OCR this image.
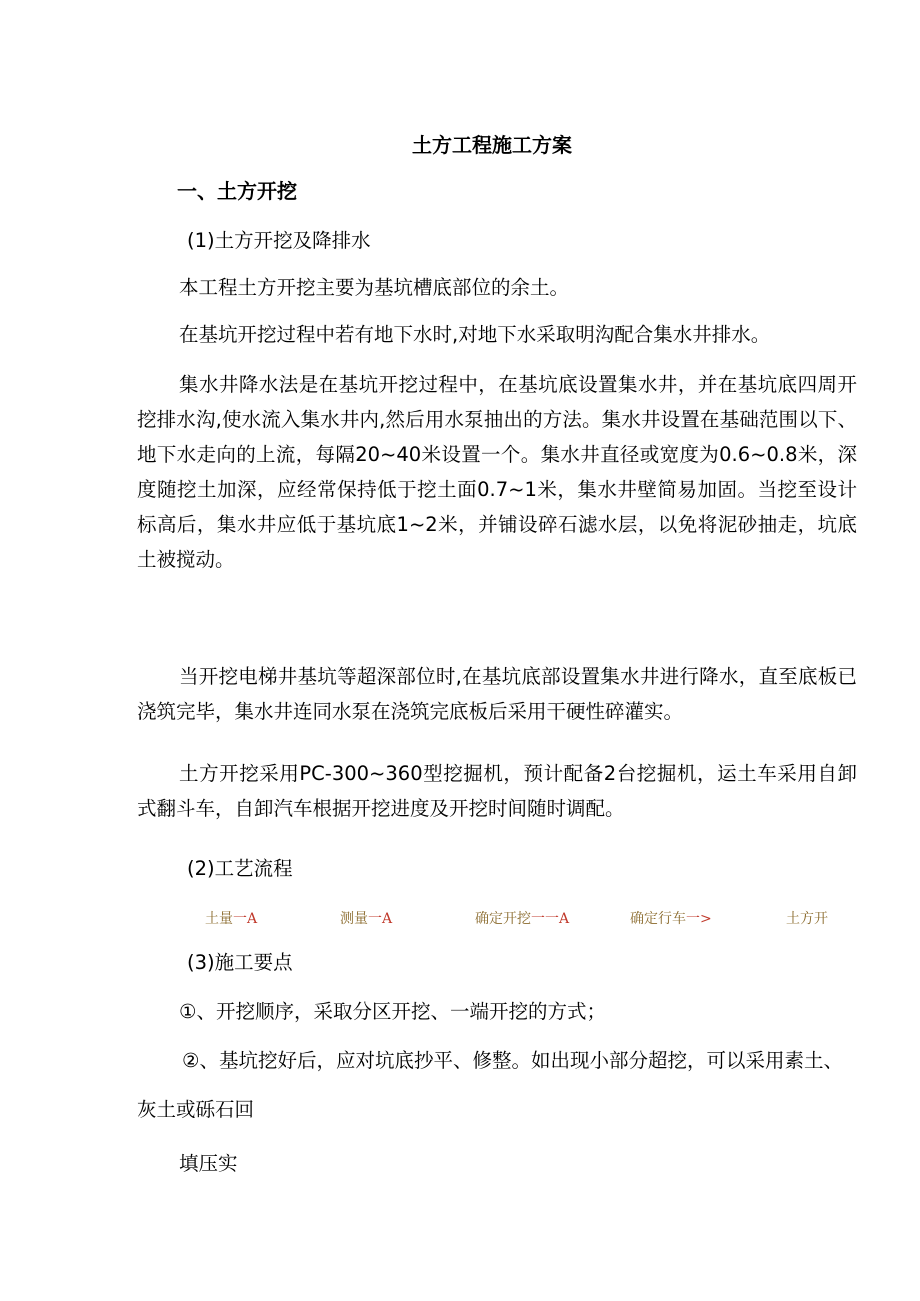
土方工程施工方案
一、土方开挖
(1)土方开挖及降排水
本工程土方开挖主要为基坑槽底部位的余土。
在基坑开挖过程中若有地下水时,对地下水采取明沟配合集水井排水。

集水井降水法是在基坑开挖过程中，在基坑底设置集水井，并在基坑底四周开挖排水沟,使水流入集水井内,然后用水泵抽出的方法。集水井设置在基础范围以下、地下水走向的上流，每隔20~40米设置一个。集水井直径或宽度为0.6~0.8米，深度随挖土加深，应经常保持低于挖土面0.7~1米，集水井壁简易加固。当挖至设计标高后，集水井应低于基坑底1~2米，并铺设碎石滤水层，以免将泥砂抽走，坑底土被搅动。

当开挖电梯井基坑等超深部位时,在基坑底部设置集水井进行降水，直至底板已浇筑完毕，集水井连同水泵在浇筑完底板后采用干硬性碎灌实。

土方开挖采用PC-300~360型挖掘机，预计配备2台挖掘机，运土车采用自卸式翻斗车，自卸汽车根据开挖进度及开挖时间随时调配。

(2)工艺流程
土量一A	测量一A	确定开挖一一A	确定行车一>	土方开
(3)施工要点
①、开挖顺序，采取分区开挖、一端开挖的方式；
②、基坑挖好后，应对坑底抄平、修整。如出现小部分超挖，可以采用素土、
灰土或砾石回
填压实
